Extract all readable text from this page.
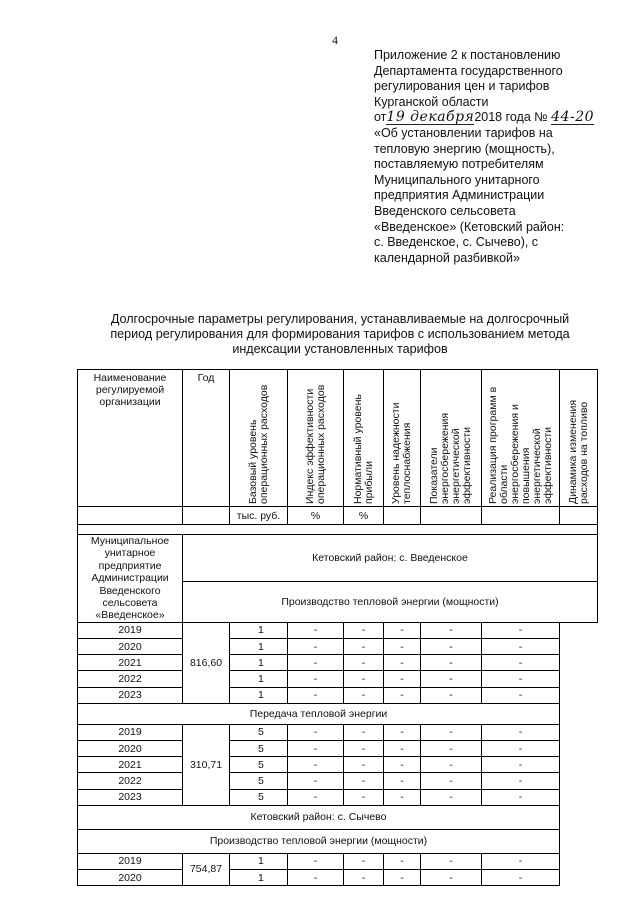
4
Приложение 2 к постановлению
Департамента государственного
регулирования цен и тарифов
Курганской области
от19 декабря2018 года № 44-20
«Об установлении тарифов на
тепловую энергию (мощность),
поставляемую потребителям
Муниципального унитарного
предприятия Администрации
Введенского сельсовета
«Введенское» (Кетовский район:
с. Введенское, с. Сычево), с
календарной разбивкой»
Долгосрочные параметры регулирования, устанавливаемые на долгосрочный
период регулирования для формирования тарифов с использованием метода
индексации установленных тарифов
Наименование регулируемой организации	Год	Базовый уровень операционных расходов	Индекс эффективности операционных расходов	Нормативный уровень прибыли	Уровень надежности теплоснабжения	Показатели энергосбережения энергетической эффективности	Реализация программ в области энергосбережения и повышения энергетической эффективности	Динамика изменения расходов на топливо

		тыс. руб.	%	%				

Муниципальное унитарное предприятие Администрации Введенского сельсовета «Введенское»	Кетовский район: с. Введенское							
	Производство тепловой энергии (мощности)							
2019	816,60	1	-	-	-	-	-	
2020		1	-	-	-	-	-	
2021		1	-	-	-	-	-	
2022		1	-	-	-	-	-	
2023		1	-	-	-	-	-	
Передача тепловой энергии								
2019	310,71	5	-	-	-	-	-	
2020		5	-	-	-	-	-	
2021		5	-	-	-	-	-	
2022		5	-	-	-	-	-	
2023		5	-	-	-	-	-	
Кетовский район: с. Сычево								
Производство тепловой энергии (мощности)								
2019	754,87	1	-	-	-	-	-	
2020		1	-	-	-	-	-	
